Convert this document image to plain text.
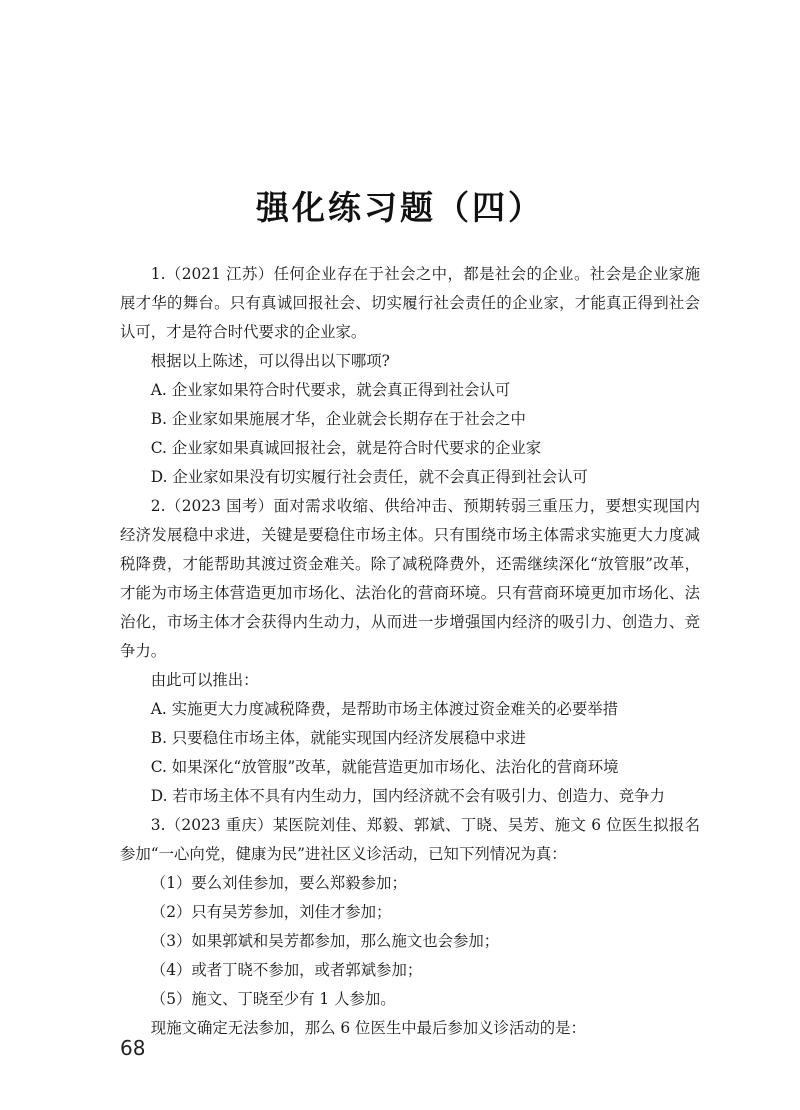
强化练习题（四）

1.（2021 江苏）任何企业存在于社会之中，都是社会的企业。社会是企业家施展才华的舞台。只有真诚回报社会、切实履行社会责任的企业家，才能真正得到社会认可，才是符合时代要求的企业家。

根据以上陈述，可以得出以下哪项?

A. 企业家如果符合时代要求，就会真正得到社会认可

B. 企业家如果施展才华，企业就会长期存在于社会之中

C. 企业家如果真诚回报社会，就是符合时代要求的企业家

D. 企业家如果没有切实履行社会责任，就不会真正得到社会认可

2.（2023 国考）面对需求收缩、供给冲击、预期转弱三重压力，要想实现国内经济发展稳中求进，关键是要稳住市场主体。只有围绕市场主体需求实施更大力度减税降费，才能帮助其渡过资金难关。除了减税降费外，还需继续深化“放管服”改革，才能为市场主体营造更加市场化、法治化的营商环境。只有营商环境更加市场化、法治化，市场主体才会获得内生动力，从而进一步增强国内经济的吸引力、创造力、竞争力。

由此可以推出：

A. 实施更大力度减税降费，是帮助市场主体渡过资金难关的必要举措

B. 只要稳住市场主体，就能实现国内经济发展稳中求进

C. 如果深化“放管服”改革，就能营造更加市场化、法治化的营商环境

D. 若市场主体不具有内生动力，国内经济就不会有吸引力、创造力、竞争力

3.（2023 重庆）某医院刘佳、郑毅、郭斌、丁晓、吴芳、施文 6 位医生拟报名参加“一心向党，健康为民”进社区义诊活动，已知下列情况为真：

（1）要么刘佳参加，要么郑毅参加；

（2）只有吴芳参加，刘佳才参加；

（3）如果郭斌和吴芳都参加，那么施文也会参加；

（4）或者丁晓不参加，或者郭斌参加；

（5）施文、丁晓至少有 1 人参加。

现施文确定无法参加，那么 6 位医生中最后参加义诊活动的是：

68
